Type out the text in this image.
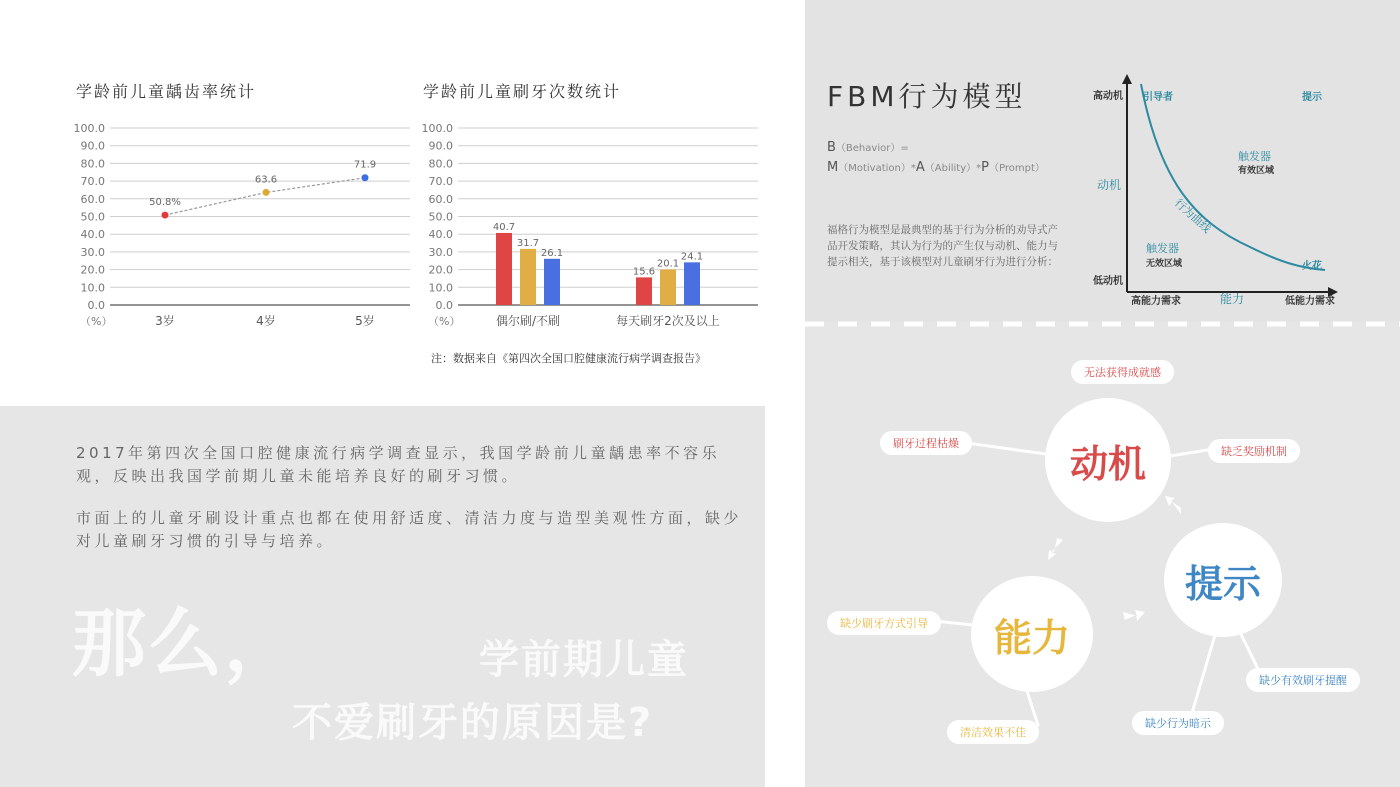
学龄前儿童龋齿率统计
0.0
10.0
20.0
30.0
40.0
50.0
60.0
70.0
80.0
90.0
100.0
（%）
50.8%
3岁
63.6
4岁
71.9
5岁
学龄前儿童刷牙次数统计
0.0
10.0
20.0
30.0
40.0
50.0
60.0
70.0
80.0
90.0
100.0
（%）
40.7
31.7
26.1
偶尔刷/不刷
15.6
20.1
24.1
每天刷牙2次及以上
注：数据来自《第四次全国口腔健康流行病学调查报告》
2017年第四次全国口腔健康流行病学调查显示，我国学龄前儿童龋患率不容乐观，反映出我国学前期儿童未能培养良好的刷牙习惯。
市面上的儿童牙刷设计重点也都在使用舒适度、清洁力度与造型美观性方面，缺少对儿童刷牙习惯的引导与培养。
那么，	学前期儿童
不爱刷牙的原因是?
FBM行为模型
B（Behavior）=
M（Motivation）*A（Ability）*P（Prompt）
福格行为模型是最典型的基于行为分析的劝导式产品开发策略，其认为行为的产生仅与动机、能力与提示相关，基于该模型对儿童刷牙行为进行分析：
高动机
动机
低动机
高能力需求	能力	低能力需求
引导者	提示
火花
行为曲线
触发器
有效区域
触发器
无效区域
动机
能力
提示
无法获得成就感
刷牙过程枯燥
缺乏奖励机制
缺少刷牙方式引导
清洁效果不佳
缺少有效刷牙提醒
缺少行为暗示
